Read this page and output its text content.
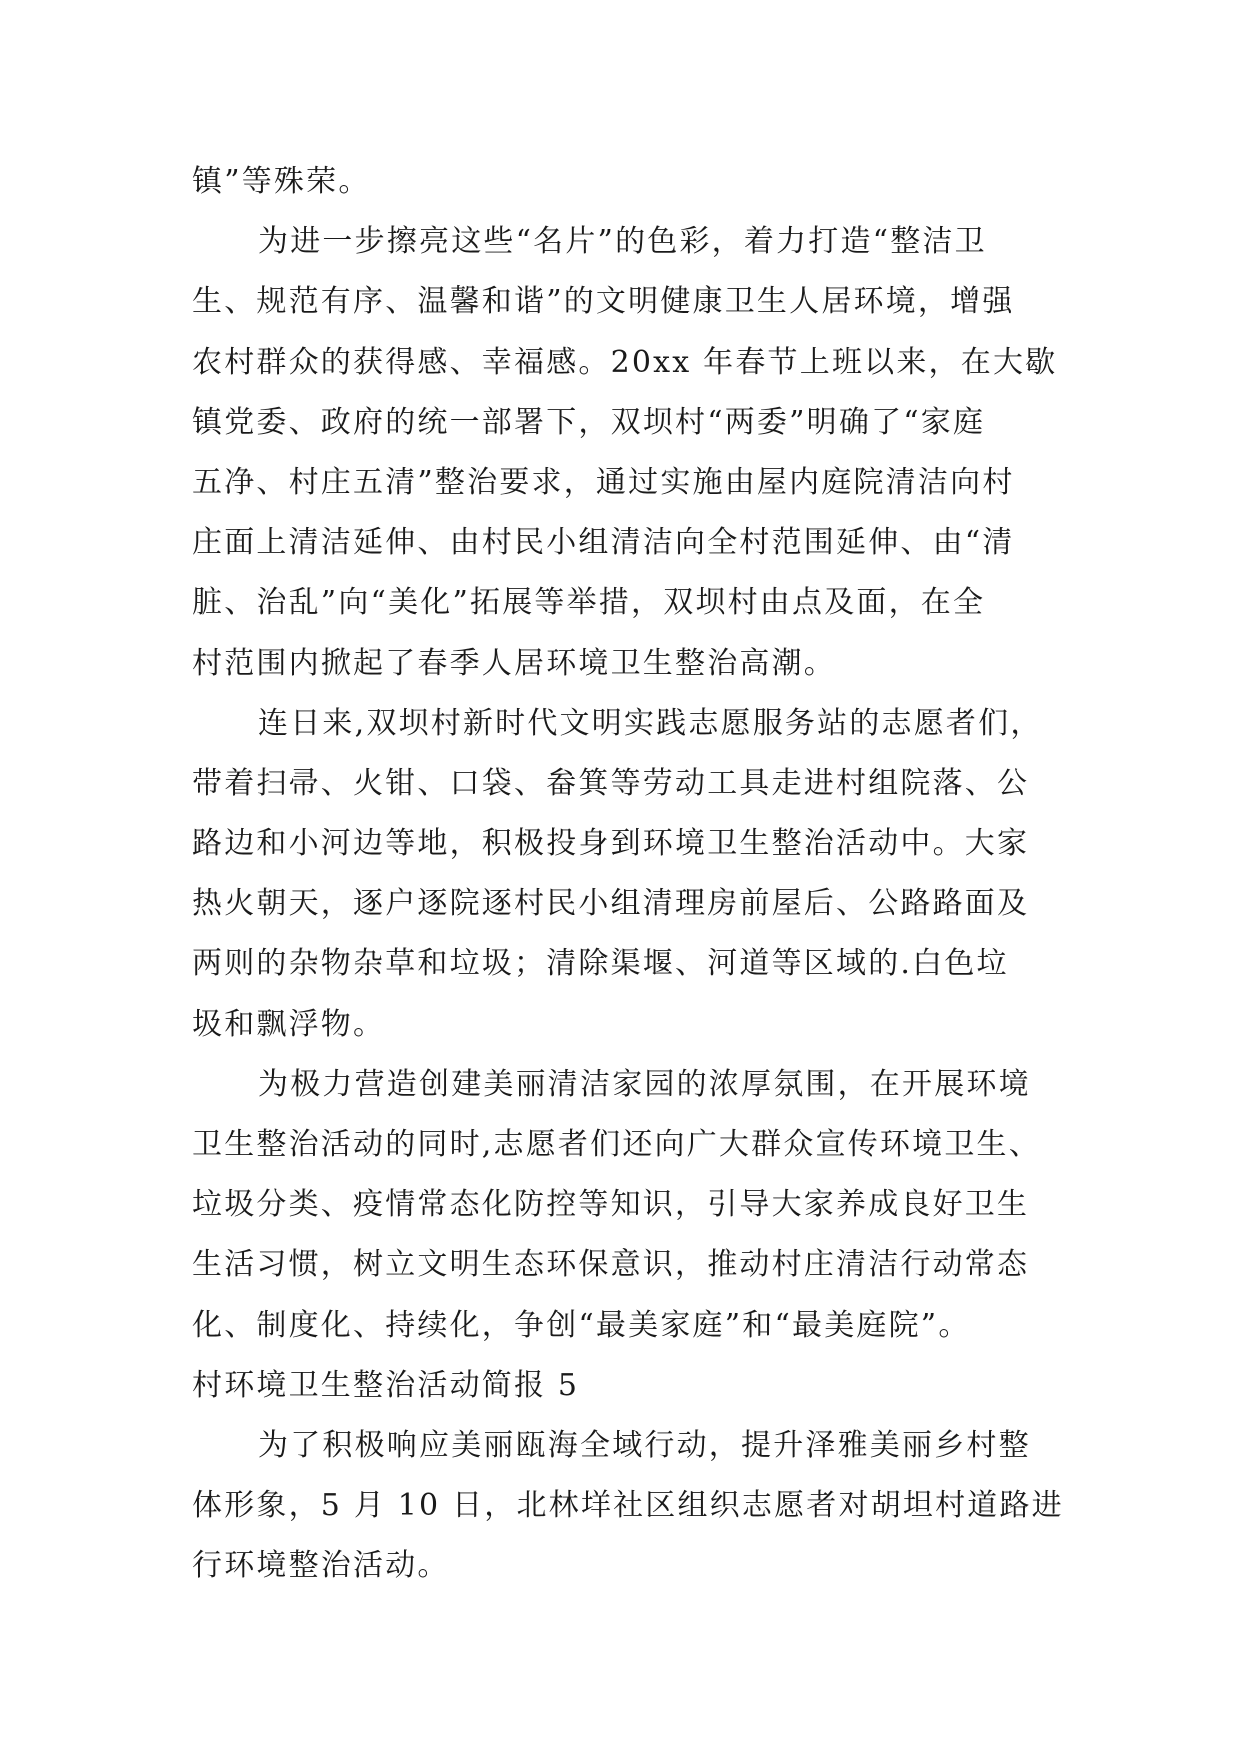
镇”等殊荣。
为进一步擦亮这些“名片”的色彩，着力打造“整洁卫
生、规范有序、温馨和谐”的文明健康卫生人居环境，增强
农村群众的获得感、幸福感。20xx 年春节上班以来，在大歇
镇党委、政府的统一部署下，双坝村“两委”明确了“家庭
五净、村庄五清”整治要求，通过实施由屋内庭院清洁向村
庄面上清洁延伸、由村民小组清洁向全村范围延伸、由“清
脏、治乱”向“美化”拓展等举措，双坝村由点及面，在全
村范围内掀起了春季人居环境卫生整治高潮。
连日来,双坝村新时代文明实践志愿服务站的志愿者们，
带着扫帚、火钳、口袋、畚箕等劳动工具走进村组院落、公
路边和小河边等地，积极投身到环境卫生整治活动中。大家
热火朝天，逐户逐院逐村民小组清理房前屋后、公路路面及
两则的杂物杂草和垃圾；清除渠堰、河道等区域的.白色垃
圾和飘浮物。
为极力营造创建美丽清洁家园的浓厚氛围，在开展环境
卫生整治活动的同时,志愿者们还向广大群众宣传环境卫生、
垃圾分类、疫情常态化防控等知识，引导大家养成良好卫生
生活习惯，树立文明生态环保意识，推动村庄清洁行动常态
化、制度化、持续化，争创“最美家庭”和“最美庭院”。
村环境卫生整治活动简报 5
为了积极响应美丽瓯海全域行动，提升泽雅美丽乡村整
体形象，5 月 10 日，北林垟社区组织志愿者对胡坦村道路进
行环境整治活动。
